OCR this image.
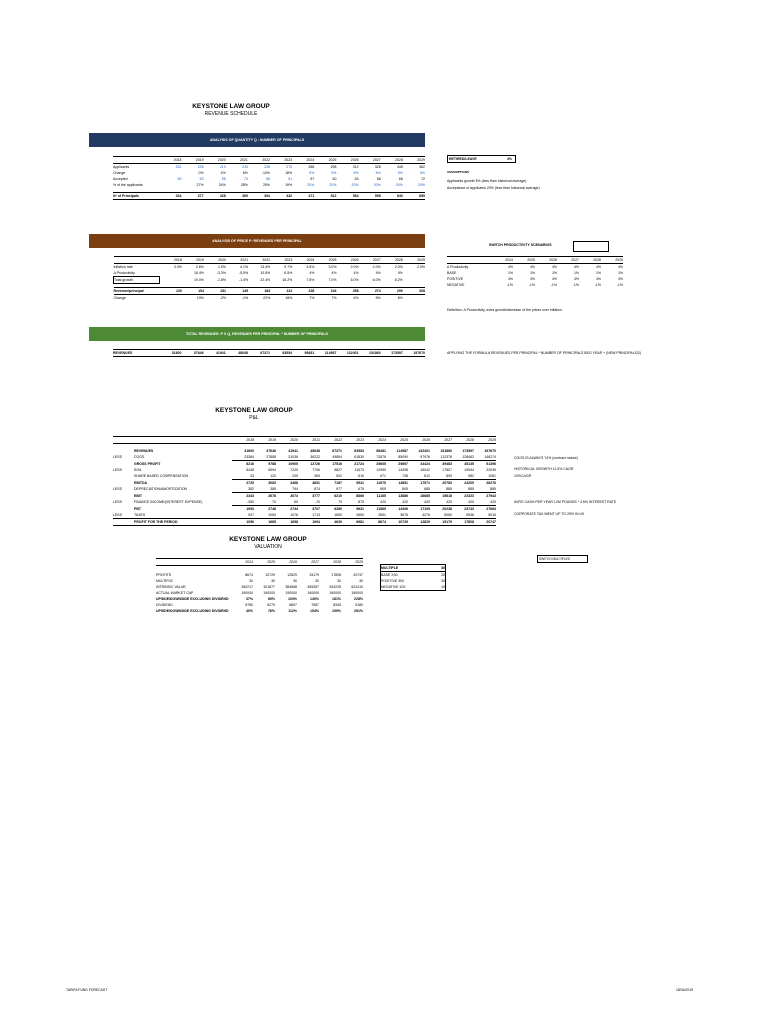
KEYSTONE LAW GROUP
REVENUE SCHEDULE
ANALYSIS OF QUANTITY Q : NUMBER OF PRINCIPALS
	2018	2019	2020	2021	2022	2023	2024	2025	2026	2027	2028	2029
Applicants	232	228	219	233	228	270	288	298	312	328	345	362
Change		0%	4%	6%	-10%	18%	5%	5%	5%	5%	5%	5%
Accepted	69	63	56	73	56	51	57	60	63	66	68	72
% of the applicants		27%	24%	28%	25%	19%	20%	20%	20%	20%	20%	20%

Nº of Principals	244	277	328	369	394	432	471	512	554	598	640	689
RETIRED/LEAVE	4%
ASSUMPTIONS
Applicants growth 5% (less than historical average)
Acceptance of applicants 20% (less than historical average)
ANALYSIS OF PRICE P: REVENUES PER PRINCIPAL
	2018	2019	2020	2021	2022	2023	2024	2025	2026	2027	2028	2029
Inflation rate	3.3%	2.6%	1.5%	4.1%	13.4%	9.7%	3.5%	3.0%	2.0%	2.0%	2.0%	2.0%
Δ Productivity		16.4%	-3.3%	-5.5%	10.8%	6.5%	4%	4%	4%	4%	4%	
Total growth		19.0%	-1.8%	-1.4%	22.4%	16.2%	7.5%	7.0%	6.0%	6.0%	6.2%	

Revenue/principal	130	154	151	149	183	212	228	244	258	274	290	308
Change		19%	-2%	-1%	22%	16%	7%	7%	6%	6%	6%	
SWITCH PRODUCTIVITY SCENARIOS
	2024	2025	2026	2027	2028	2029
Δ Productivity	4%	4%	4%	4%	4%	4%
BASE	1%	1%	1%	1%	1%	1%
POSITIVE	4%	4%	4%	4%	4%	4%
NEGATIVE	-1%	-1%	-1%	-1%	-1%	-1%
Definition: Δ Productivity, extra growth/decrease of the prices over inflation
TOTAL REVENUES: P X Q, REVENUES PER PRINCIPAL * NUMBER OF PRINCIPALS
REVENUES	31600	37646	41941	48948	67371	83554	98481	114987	132401	151860	173597	197670	APPLYING THE FORMULA REVENUES PER PRINCIPAL * NUMBER OF PRINCIPALS BEG YEAR + (NEW PRINCIPALS/2)
KEYSTONE LAW GROUP
P&L
		2018	2019	2020	2021	2022	2023	2024	2025	2026	2027	2028	2029

	REVENUES	31600	37646	41941	48948	67371	83554	98481	114987	132401	151860	173597	197670
LESS	COGS	23384	27858	31036	36222	49854	61830	72876	85090	97976	112376	128462	146274
	GROSS PROFIT	8216	9788	10905	12726	17516	21724	25605	29897	34424	39483	45135	51396
LESS	SGA	5448	6594	7229	7706	9827	11573	12959	14308	16042	17807	19944	22039
	SHARE BASED COMPENSATION	43	120	209	369	502	610	671	738	812	893	982	1081
	EBITDA	2725	3063	3468	4651	7187	9541	11975	14851	17571	20783	24209	28276
LESS	DEPRECIATION/AMORTIZATION	382	385	794	874	977	675	805	805	685	885	885	885
	EBIT	2343	2678	2674	3777	6210	8866	11165	13886	16685	19818	22323	27943
LESS	FINANCE INCOME/(INTEREST EXPENSE)	-350	70	60	-70	70	875	420	420	420	420	420	420
	PBT	1993	2748	2734	3707	6280	9631	11565	14306	17105	20238	23743	27663
LESS	TAXES	937	1063	1076	1713	1650	2650	2891	3576	4276	5060	5936	5916
	PROFIT FOR THE PERIOD	1056	1685	1658	1994	4630	6981	8674	10729	12829	15179	17808	20747
COGS IS ALWAYS 74% (contract nature)
HISTORICAL GROWTH 11.5% CAGR
10%CAGR
AVRG CASH PER YEAR 12M POUNDS * 3.5% INTEREST RATE
CORPORATE TAX WENT UP TO 25% IN UK
KEYSTONE LAW GROUP
VALUATION
	2024	2025	2026	2027	2028	2029

PROFITS	8674	10729	12829	15179	17808	20747
MULTIPLE	30	30	30	30	30	30
INTRINSIC VALUE	260217	321877	384868	455357	534225	622410
ACTUAL MARKET CAP	190000	190000	190000	190000	190000	190000
UPSIDE/DOWNSIDE EXCLUDING DIVIDEND	37%	69%	103%	140%	181%	228%
DIVIDEND	5780	6270	6897	7587	8345	9180
UPSIDE/DOWNSIDE EXCLUDING DIVIDEND	40%	76%	112%	154%	199%	251%
MULTIPLE	30
BASE X30	20
POSITIVE 30X	30
NEGATIVE 10X	10
SWITCH MULTIPLES
TARIFA FUND FORECAST	18/04/2019
